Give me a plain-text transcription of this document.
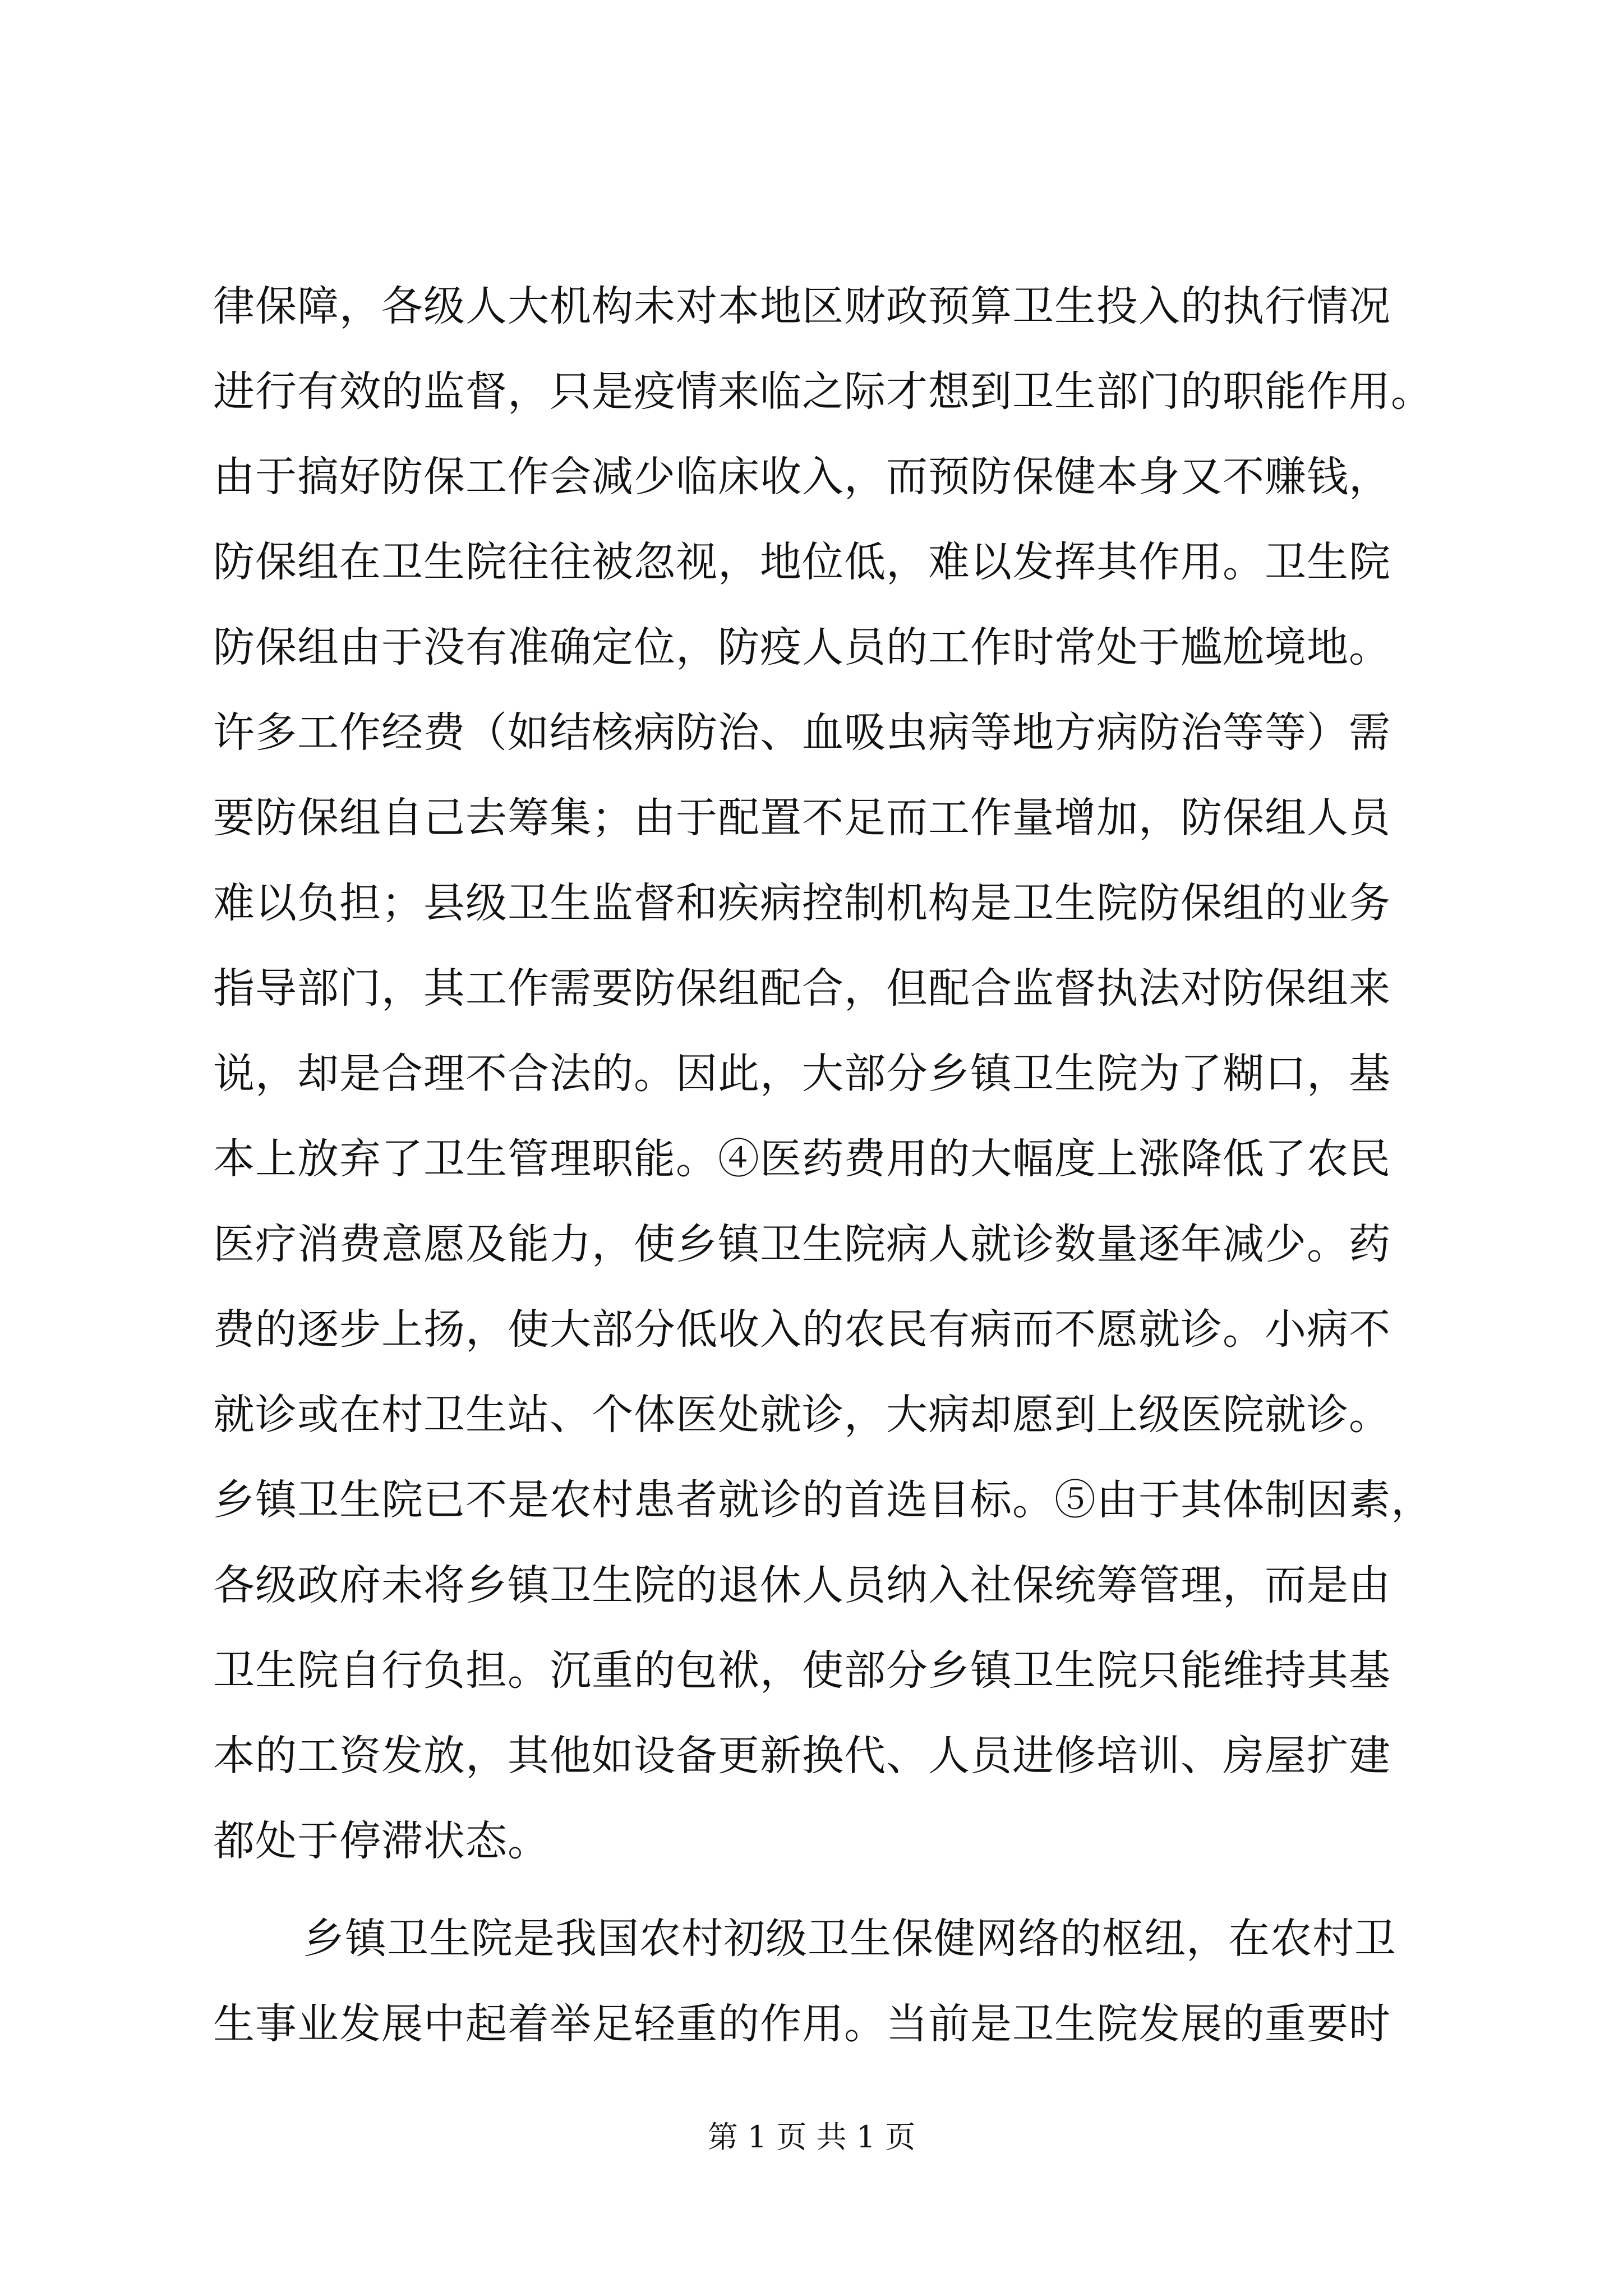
律保障，各级人大机构未对本地区财政预算卫生投入的执行情况
进行有效的监督，只是疫情来临之际才想到卫生部门的职能作用。
由于搞好防保工作会减少临床收入，而预防保健本身又不赚钱，
防保组在卫生院往往被忽视，地位低，难以发挥其作用。卫生院
防保组由于没有准确定位，防疫人员的工作时常处于尴尬境地。
许多工作经费（如结核病防治、血吸虫病等地方病防治等等）需
要防保组自己去筹集；由于配置不足而工作量增加，防保组人员
难以负担；县级卫生监督和疾病控制机构是卫生院防保组的业务
指导部门，其工作需要防保组配合，但配合监督执法对防保组来
说，却是合理不合法的。因此，大部分乡镇卫生院为了糊口，基
本上放弃了卫生管理职能。④医药费用的大幅度上涨降低了农民
医疗消费意愿及能力，使乡镇卫生院病人就诊数量逐年减少。药
费的逐步上扬，使大部分低收入的农民有病而不愿就诊。小病不
就诊或在村卫生站、个体医处就诊，大病却愿到上级医院就诊。
乡镇卫生院已不是农村患者就诊的首选目标。⑤由于其体制因素，
各级政府未将乡镇卫生院的退休人员纳入社保统筹管理，而是由
卫生院自行负担。沉重的包袱，使部分乡镇卫生院只能维持其基
本的工资发放，其他如设备更新换代、人员进修培训、房屋扩建
都处于停滞状态。
乡镇卫生院是我国农村初级卫生保健网络的枢纽，在农村卫
生事业发展中起着举足轻重的作用。当前是卫生院发展的重要时
第 1 页 共 1 页
